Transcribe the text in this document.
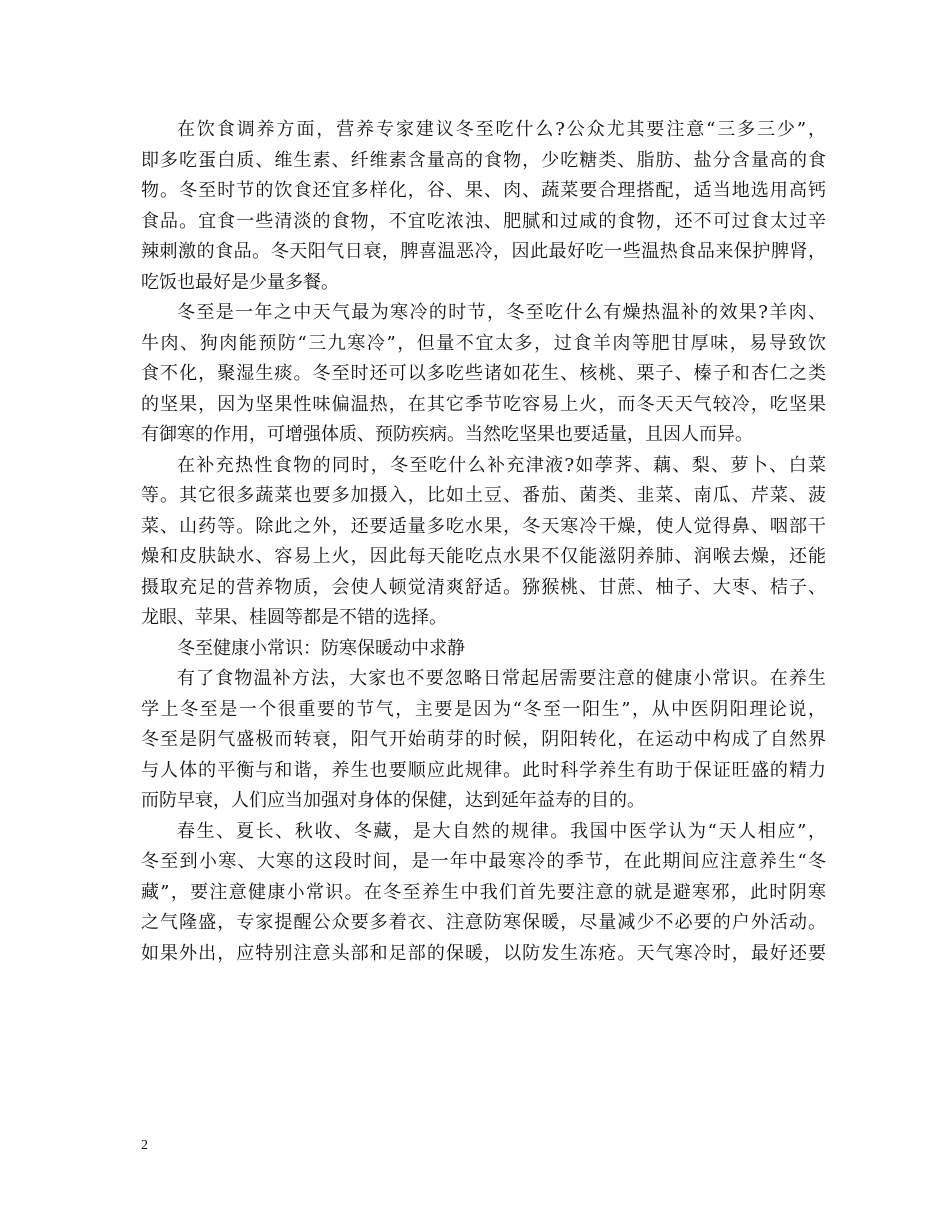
在饮食调养方面，营养专家建议冬至吃什么?公众尤其要注意“三多三少”，
即多吃蛋白质、维生素、纤维素含量高的食物，少吃糖类、脂肪、盐分含量高的食
物。冬至时节的饮食还宜多样化，谷、果、肉、蔬菜要合理搭配，适当地选用高钙
食品。宜食一些清淡的食物，不宜吃浓浊、肥腻和过咸的食物，还不可过食太过辛
辣刺激的食品。冬天阳气日衰，脾喜温恶冷，因此最好吃一些温热食品来保护脾肾，
吃饭也最好是少量多餐。
冬至是一年之中天气最为寒冷的时节，冬至吃什么有燥热温补的效果?羊肉、
牛肉、狗肉能预防“三九寒冷”，但量不宜太多，过食羊肉等肥甘厚味，易导致饮
食不化，聚湿生痰。冬至时还可以多吃些诸如花生、核桃、栗子、榛子和杏仁之类
的坚果，因为坚果性味偏温热，在其它季节吃容易上火，而冬天天气较冷，吃坚果
有御寒的作用，可增强体质、预防疾病。当然吃坚果也要适量，且因人而异。
在补充热性食物的同时，冬至吃什么补充津液?如荸荠、藕、梨、萝卜、白菜
等。其它很多蔬菜也要多加摄入，比如土豆、番茄、菌类、韭菜、南瓜、芹菜、菠
菜、山药等。除此之外，还要适量多吃水果，冬天寒冷干燥，使人觉得鼻、咽部干
燥和皮肤缺水、容易上火，因此每天能吃点水果不仅能滋阴养肺、润喉去燥，还能
摄取充足的营养物质，会使人顿觉清爽舒适。猕猴桃、甘蔗、柚子、大枣、桔子、
龙眼、苹果、桂圆等都是不错的选择。
冬至健康小常识：防寒保暖动中求静
有了食物温补方法，大家也不要忽略日常起居需要注意的健康小常识。在养生
学上冬至是一个很重要的节气，主要是因为“冬至一阳生”，从中医阴阳理论说，
冬至是阴气盛极而转衰，阳气开始萌芽的时候，阴阳转化，在运动中构成了自然界
与人体的平衡与和谐，养生也要顺应此规律。此时科学养生有助于保证旺盛的精力
而防早衰，人们应当加强对身体的保健，达到延年益寿的目的。
春生、夏长、秋收、冬藏，是大自然的规律。我国中医学认为“天人相应”，
冬至到小寒、大寒的这段时间，是一年中最寒冷的季节，在此期间应注意养生“冬
藏”，要注意健康小常识。在冬至养生中我们首先要注意的就是避寒邪，此时阴寒
之气隆盛，专家提醒公众要多着衣、注意防寒保暖，尽量减少不必要的户外活动。
如果外出，应特别注意头部和足部的保暖，以防发生冻疮。天气寒冷时，最好还要
2
